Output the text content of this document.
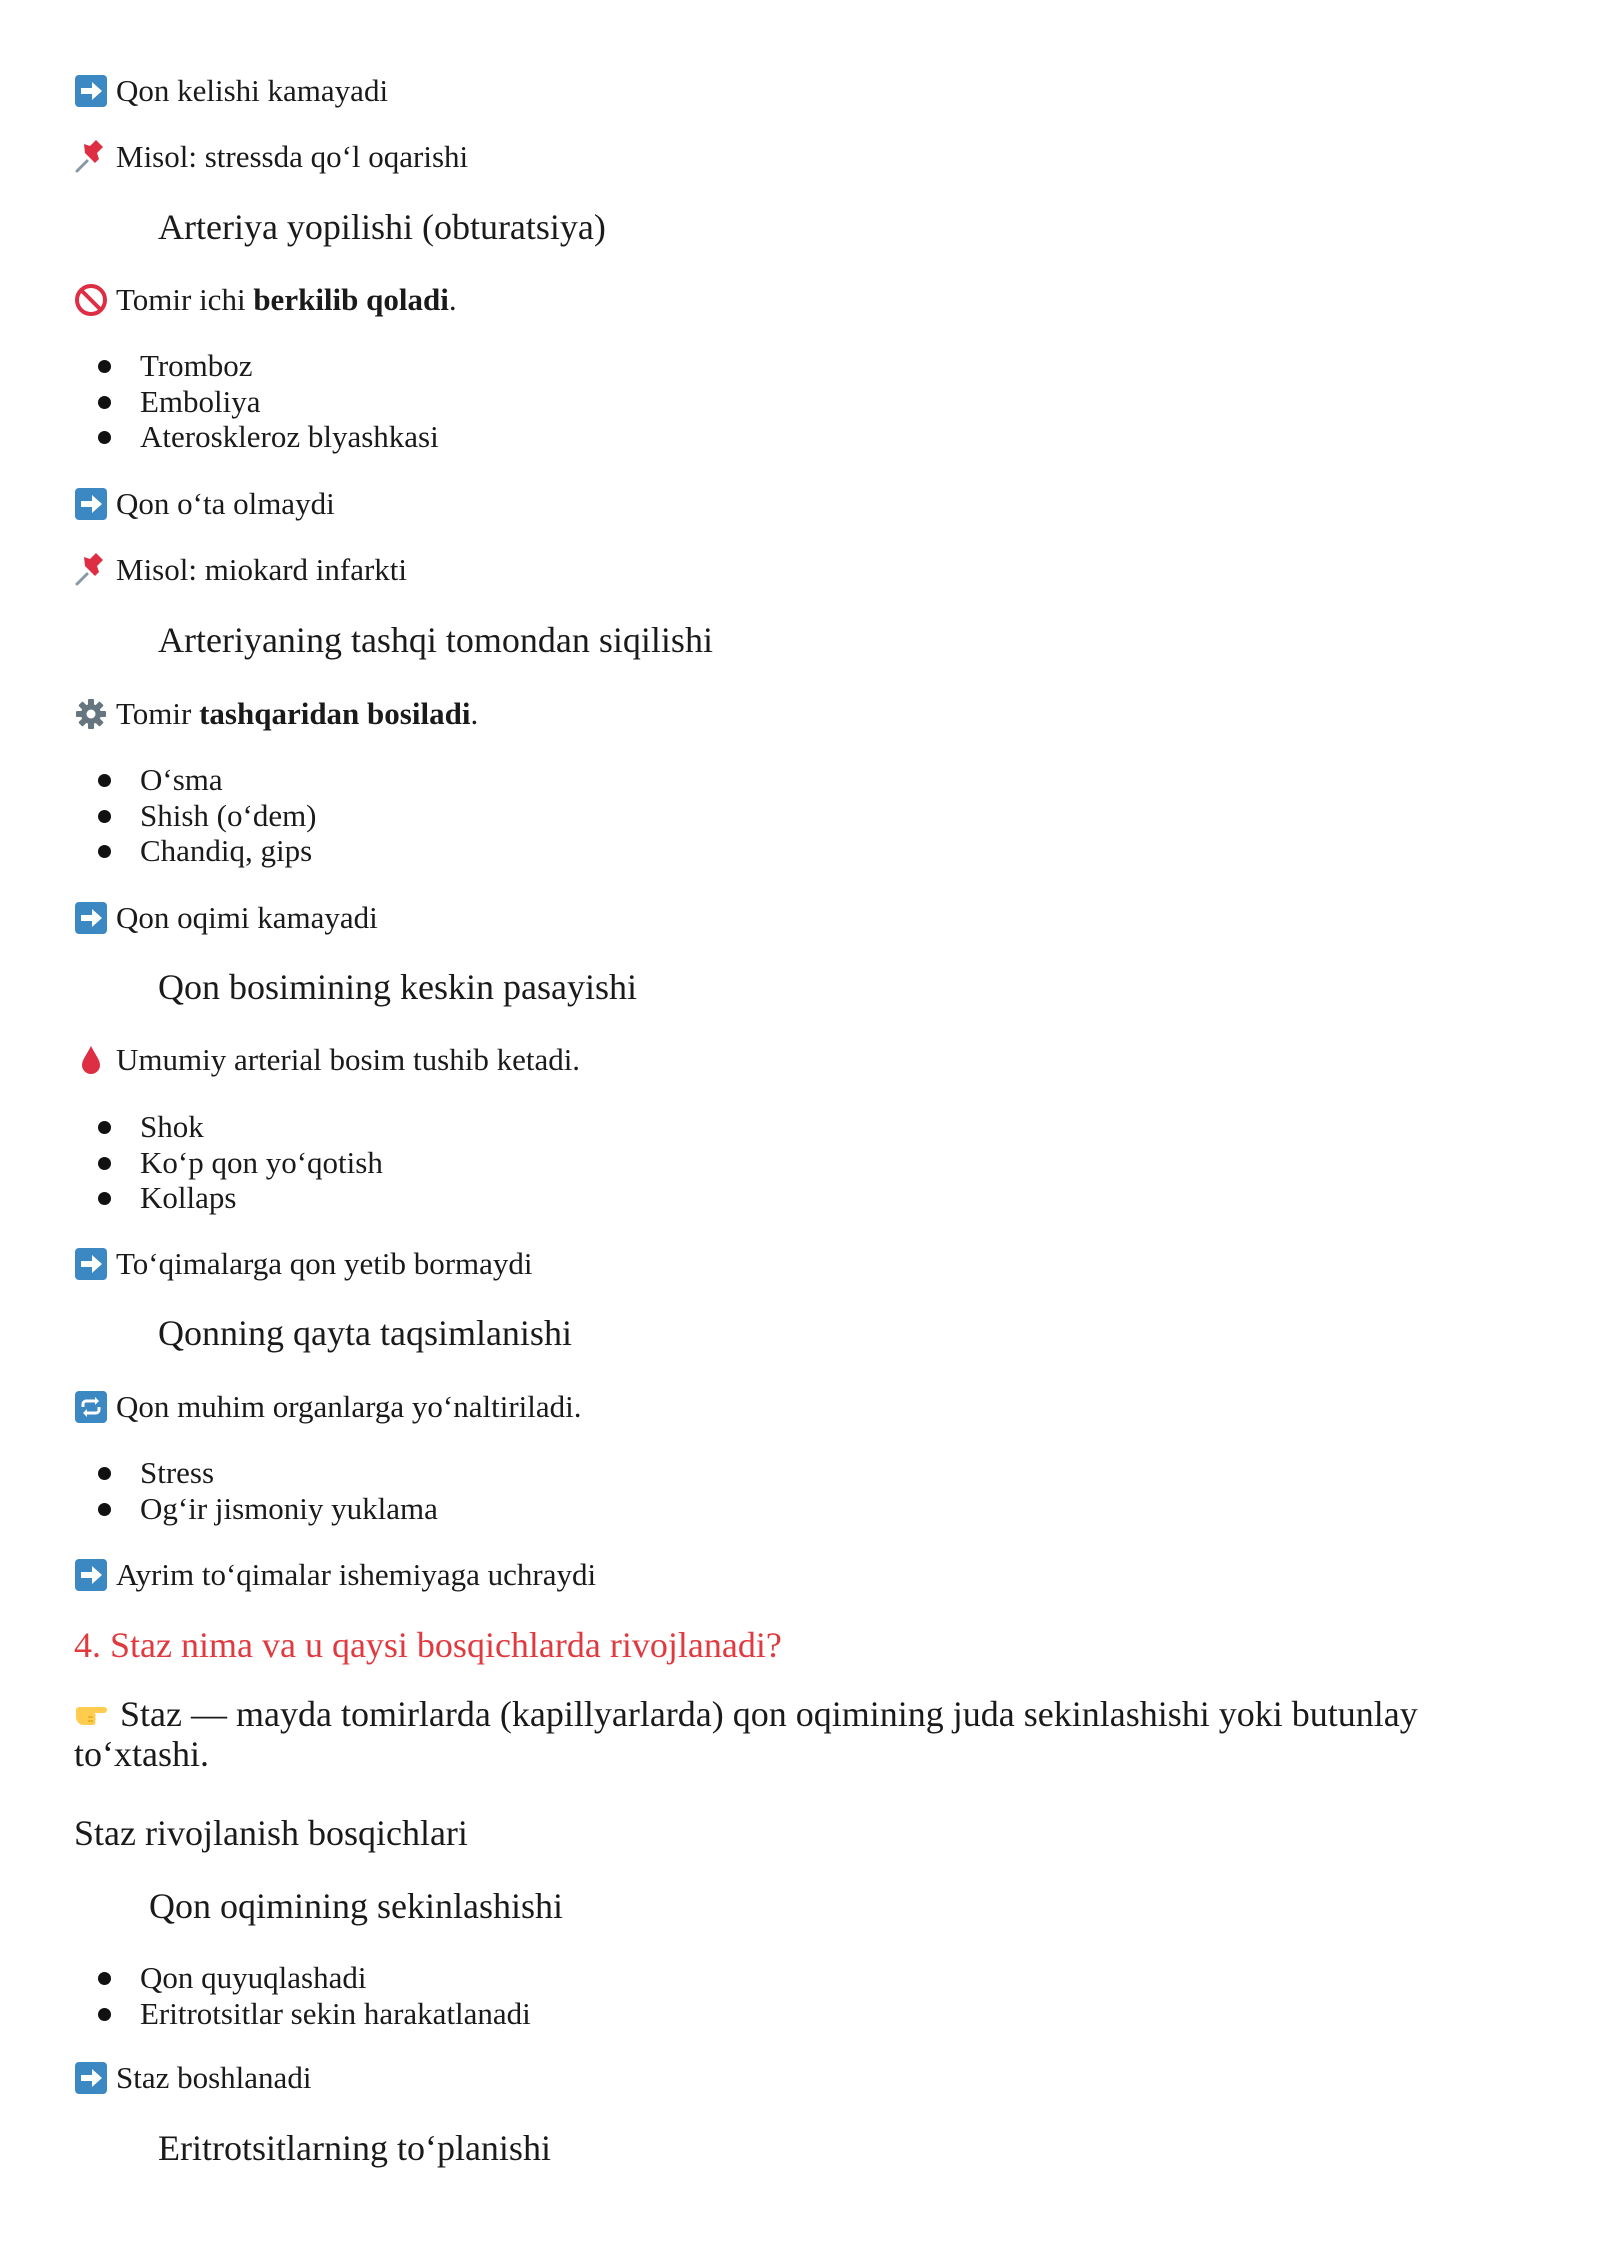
Qon kelishi kamayadi
Misol: stressda qo‘l oqarishi
Arteriya yopilishi (obturatsiya)
Tomir ichi berkilib qoladi.
Tromboz
Emboliya
Ateroskleroz blyashkasi
Qon o‘ta olmaydi
Misol: miokard infarkti
Arteriyaning tashqi tomondan siqilishi
Tomir tashqaridan bosiladi.
O‘sma
Shish (o‘dem)
Chandiq, gips
Qon oqimi kamayadi
Qon bosimining keskin pasayishi
Umumiy arterial bosim tushib ketadi.
Shok
Ko‘p qon yo‘qotish
Kollaps
To‘qimalarga qon yetib bormaydi
Qonning qayta taqsimlanishi
Qon muhim organlarga yo‘naltiriladi.
Stress
Og‘ir jismoniy yuklama
Ayrim to‘qimalar ishemiyaga uchraydi
4. Staz nima va u qaysi bosqichlarda rivojlanadi?
Staz — mayda tomirlarda (kapillyarlarda) qon oqimining juda sekinlashishi yoki butunlay to‘xtashi.
Staz rivojlanish bosqichlari
Qon oqimining sekinlashishi
Qon quyuqlashadi
Eritrotsitlar sekin harakatlanadi
Staz boshlanadi
Eritrotsitlarning to‘planishi
